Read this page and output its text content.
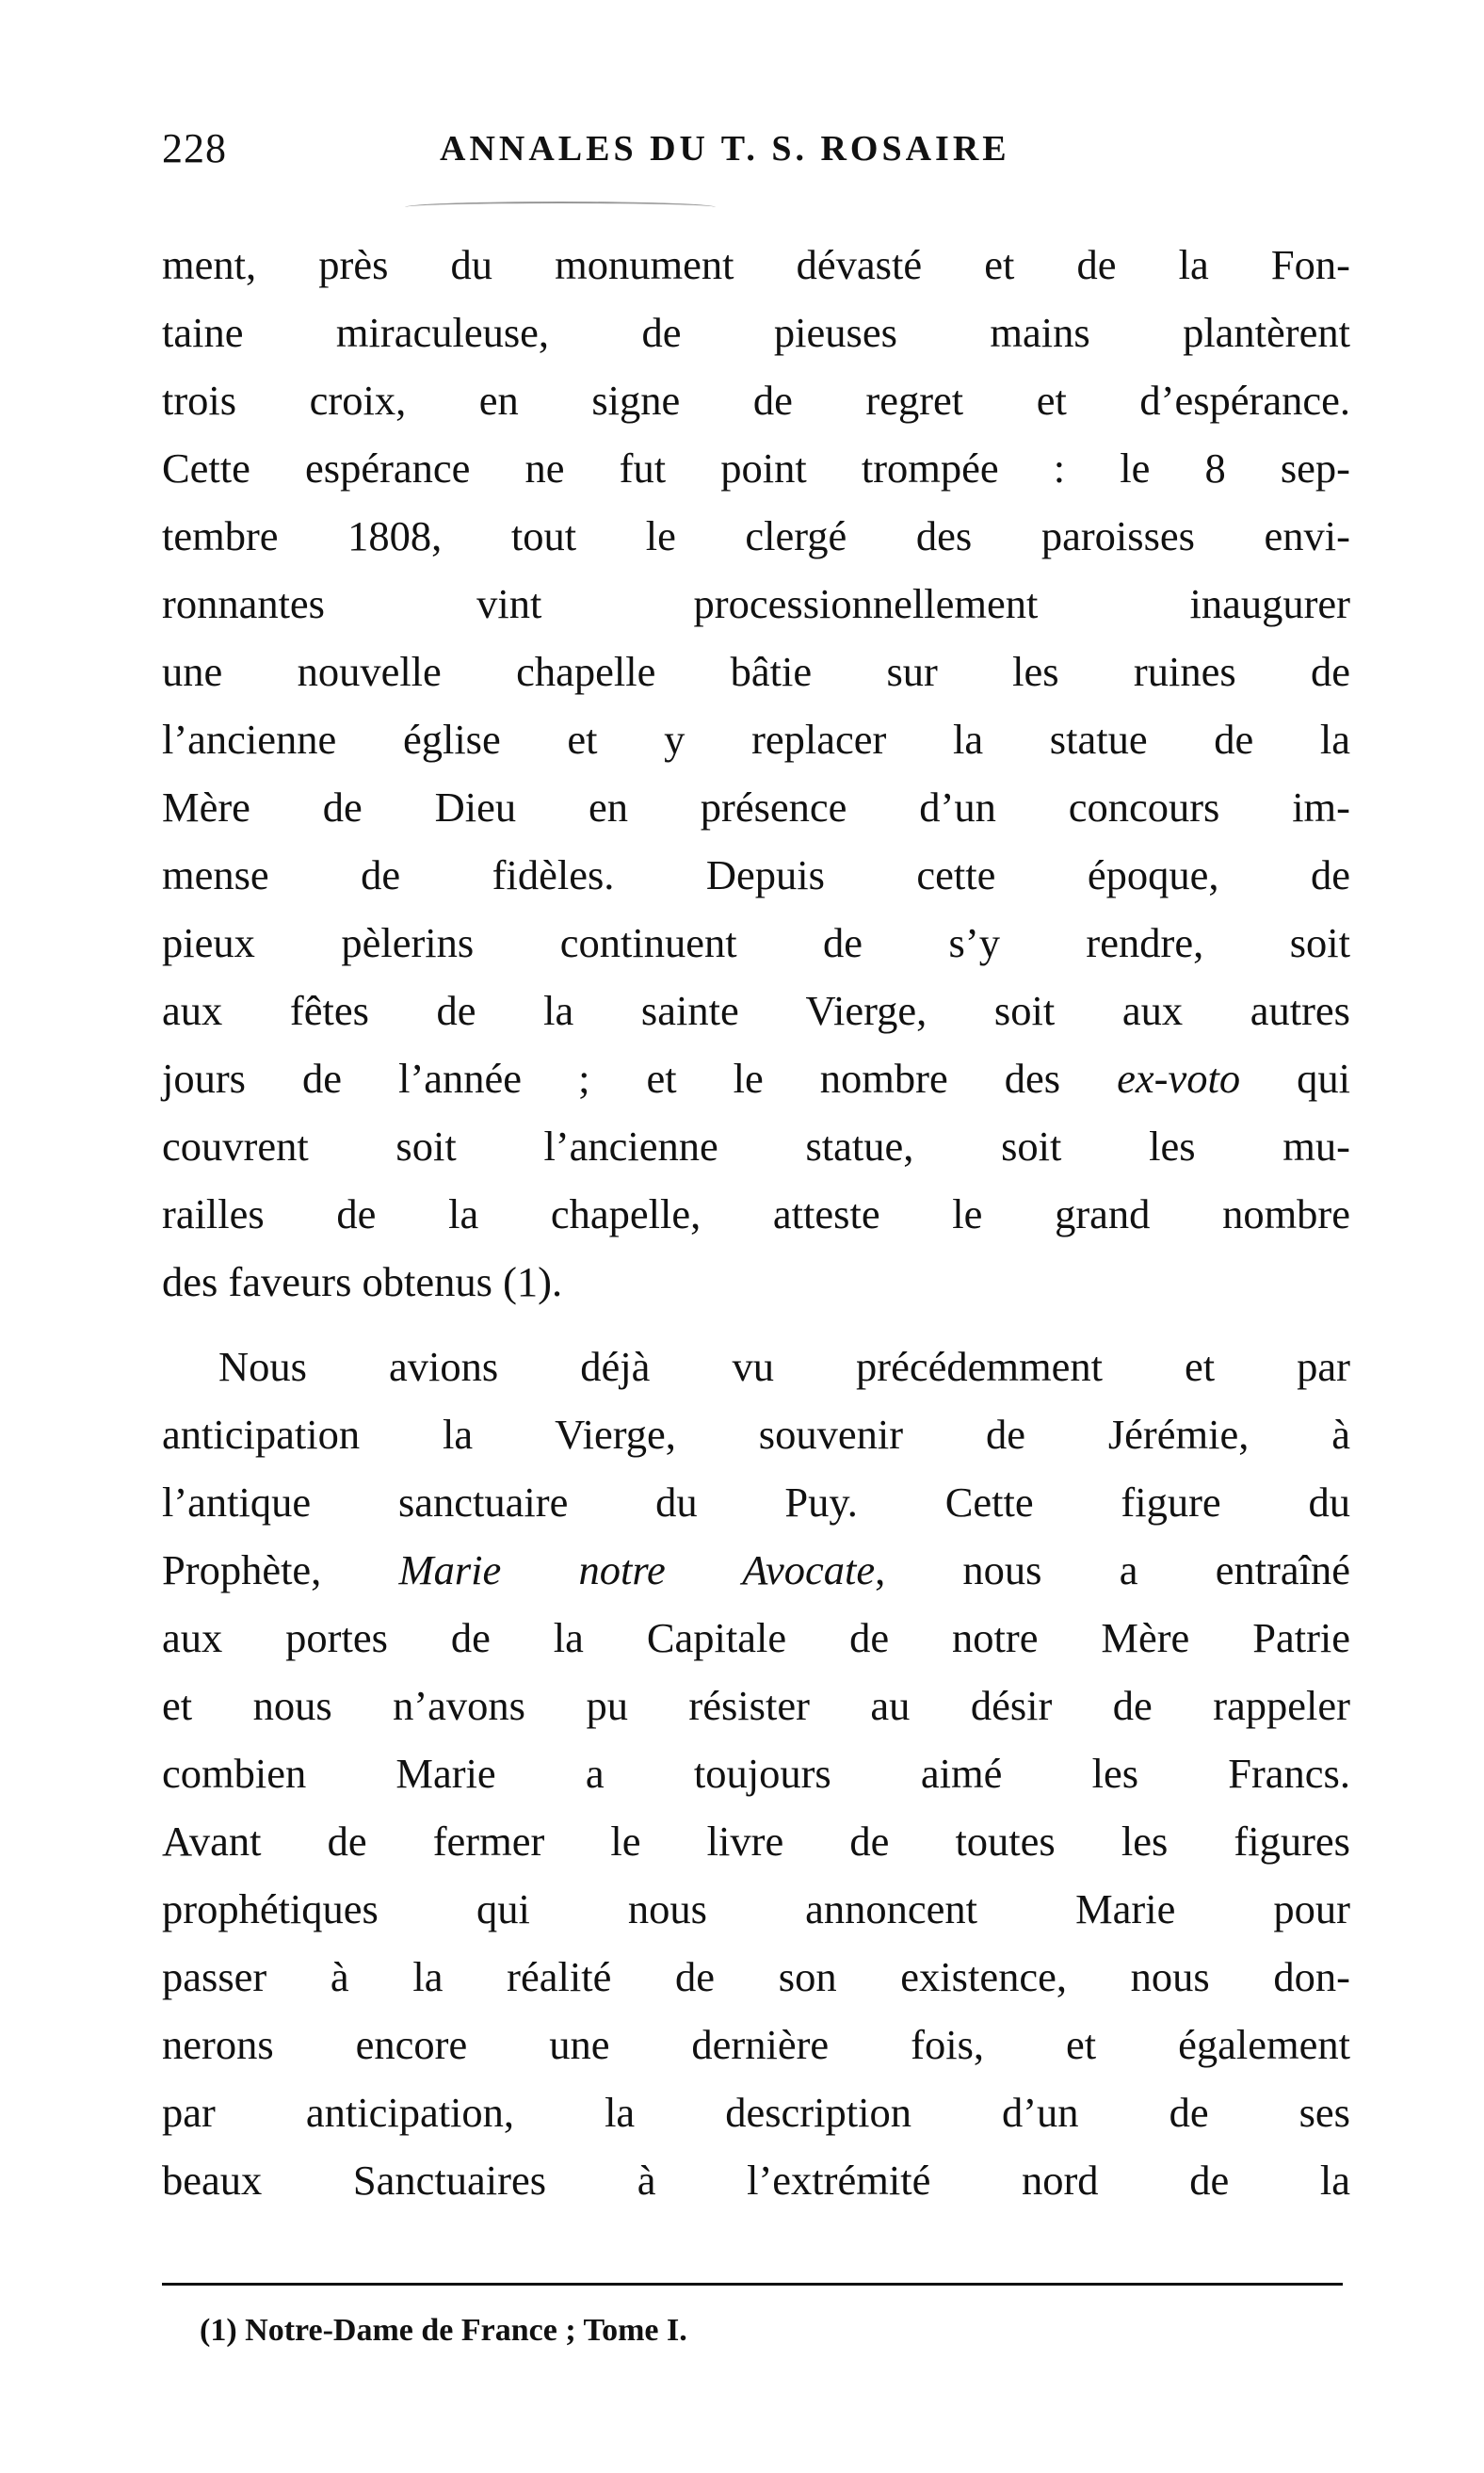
228	ANNALES DU T. S. ROSAIRE
ment, près du monument dévasté et de la Fon-
taine miraculeuse, de pieuses mains plantèrent
trois croix, en signe de regret et d’espérance.
Cette espérance ne fut point trompée : le 8 sep-
tembre 1808, tout le clergé des paroisses envi-
ronnantes vint processionnellement inaugurer
une nouvelle chapelle bâtie sur les ruines de
l’ancienne église et y replacer la statue de la
Mère de Dieu en présence d’un concours im-
mense de fidèles. Depuis cette époque, de
pieux pèlerins continuent de s’y rendre, soit
aux fêtes de la sainte Vierge, soit aux autres
jours de l’année ; et le nombre des ex-voto qui
couvrent soit l’ancienne statue, soit les mu-
railles de la chapelle, atteste le grand nombre
des faveurs obtenus (1).
Nous avions déjà vu précédemment et par
anticipation la Vierge, souvenir de Jérémie, à
l’antique sanctuaire du Puy. Cette figure du
Prophète, Marie notre Avocate, nous a entraîné
aux portes de la Capitale de notre Mère Patrie
et nous n’avons pu résister au désir de rappeler
combien Marie a toujours aimé les Francs.
Avant de fermer le livre de toutes les figures
prophétiques qui nous annoncent Marie pour
passer à la réalité de son existence, nous don-
nerons encore une dernière fois, et également
par anticipation, la description d’un de ses
beaux Sanctuaires à l’extrémité nord de la
(1) Notre-Dame de France ; Tome I.
